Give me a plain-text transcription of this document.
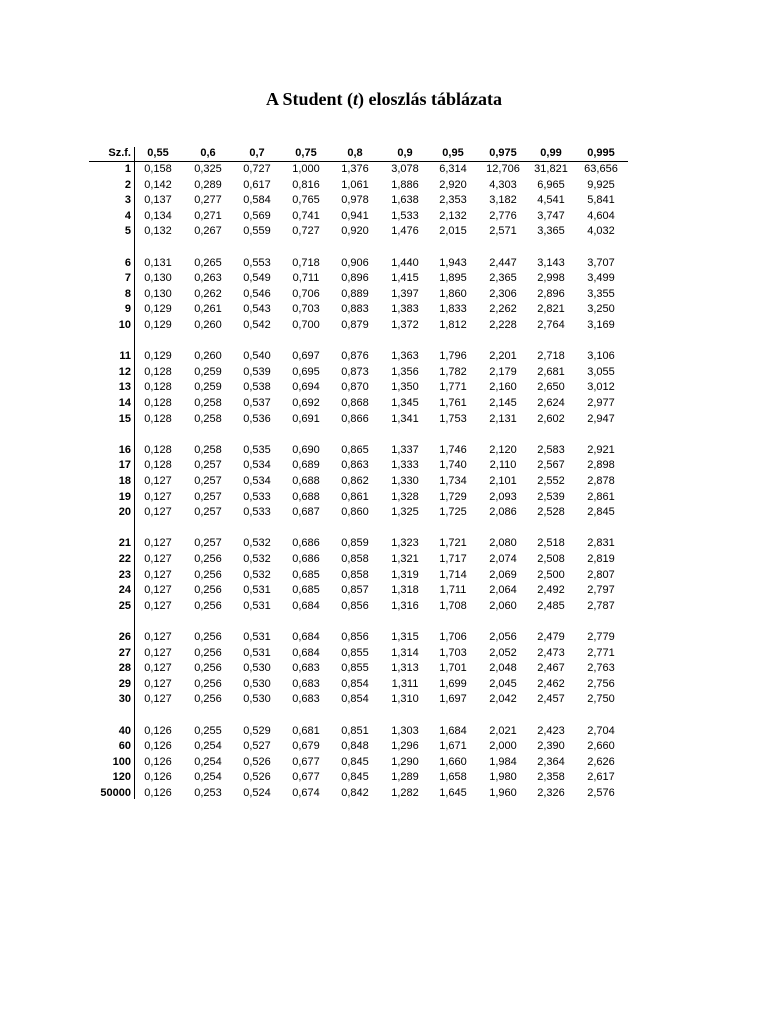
A Student (t) eloszlás táblázata
Sz.f.	0,55	0,6	0,7	0,75	0,8	0,9	0,95	0,975	0,99	0,995
1	0,158	0,325	0,727	1,000	1,376	3,078	6,314	12,706	31,821	63,656
2	0,142	0,289	0,617	0,816	1,061	1,886	2,920	4,303	6,965	9,925
3	0,137	0,277	0,584	0,765	0,978	1,638	2,353	3,182	4,541	5,841
4	0,134	0,271	0,569	0,741	0,941	1,533	2,132	2,776	3,747	4,604
5	0,132	0,267	0,559	0,727	0,920	1,476	2,015	2,571	3,365	4,032
6	0,131	0,265	0,553	0,718	0,906	1,440	1,943	2,447	3,143	3,707
7	0,130	0,263	0,549	0,711	0,896	1,415	1,895	2,365	2,998	3,499
8	0,130	0,262	0,546	0,706	0,889	1,397	1,860	2,306	2,896	3,355
9	0,129	0,261	0,543	0,703	0,883	1,383	1,833	2,262	2,821	3,250
10	0,129	0,260	0,542	0,700	0,879	1,372	1,812	2,228	2,764	3,169
11	0,129	0,260	0,540	0,697	0,876	1,363	1,796	2,201	2,718	3,106
12	0,128	0,259	0,539	0,695	0,873	1,356	1,782	2,179	2,681	3,055
13	0,128	0,259	0,538	0,694	0,870	1,350	1,771	2,160	2,650	3,012
14	0,128	0,258	0,537	0,692	0,868	1,345	1,761	2,145	2,624	2,977
15	0,128	0,258	0,536	0,691	0,866	1,341	1,753	2,131	2,602	2,947
16	0,128	0,258	0,535	0,690	0,865	1,337	1,746	2,120	2,583	2,921
17	0,128	0,257	0,534	0,689	0,863	1,333	1,740	2,110	2,567	2,898
18	0,127	0,257	0,534	0,688	0,862	1,330	1,734	2,101	2,552	2,878
19	0,127	0,257	0,533	0,688	0,861	1,328	1,729	2,093	2,539	2,861
20	0,127	0,257	0,533	0,687	0,860	1,325	1,725	2,086	2,528	2,845
21	0,127	0,257	0,532	0,686	0,859	1,323	1,721	2,080	2,518	2,831
22	0,127	0,256	0,532	0,686	0,858	1,321	1,717	2,074	2,508	2,819
23	0,127	0,256	0,532	0,685	0,858	1,319	1,714	2,069	2,500	2,807
24	0,127	0,256	0,531	0,685	0,857	1,318	1,711	2,064	2,492	2,797
25	0,127	0,256	0,531	0,684	0,856	1,316	1,708	2,060	2,485	2,787
26	0,127	0,256	0,531	0,684	0,856	1,315	1,706	2,056	2,479	2,779
27	0,127	0,256	0,531	0,684	0,855	1,314	1,703	2,052	2,473	2,771
28	0,127	0,256	0,530	0,683	0,855	1,313	1,701	2,048	2,467	2,763
29	0,127	0,256	0,530	0,683	0,854	1,311	1,699	2,045	2,462	2,756
30	0,127	0,256	0,530	0,683	0,854	1,310	1,697	2,042	2,457	2,750
40	0,126	0,255	0,529	0,681	0,851	1,303	1,684	2,021	2,423	2,704
60	0,126	0,254	0,527	0,679	0,848	1,296	1,671	2,000	2,390	2,660
100	0,126	0,254	0,526	0,677	0,845	1,290	1,660	1,984	2,364	2,626
120	0,126	0,254	0,526	0,677	0,845	1,289	1,658	1,980	2,358	2,617
50000	0,126	0,253	0,524	0,674	0,842	1,282	1,645	1,960	2,326	2,576
